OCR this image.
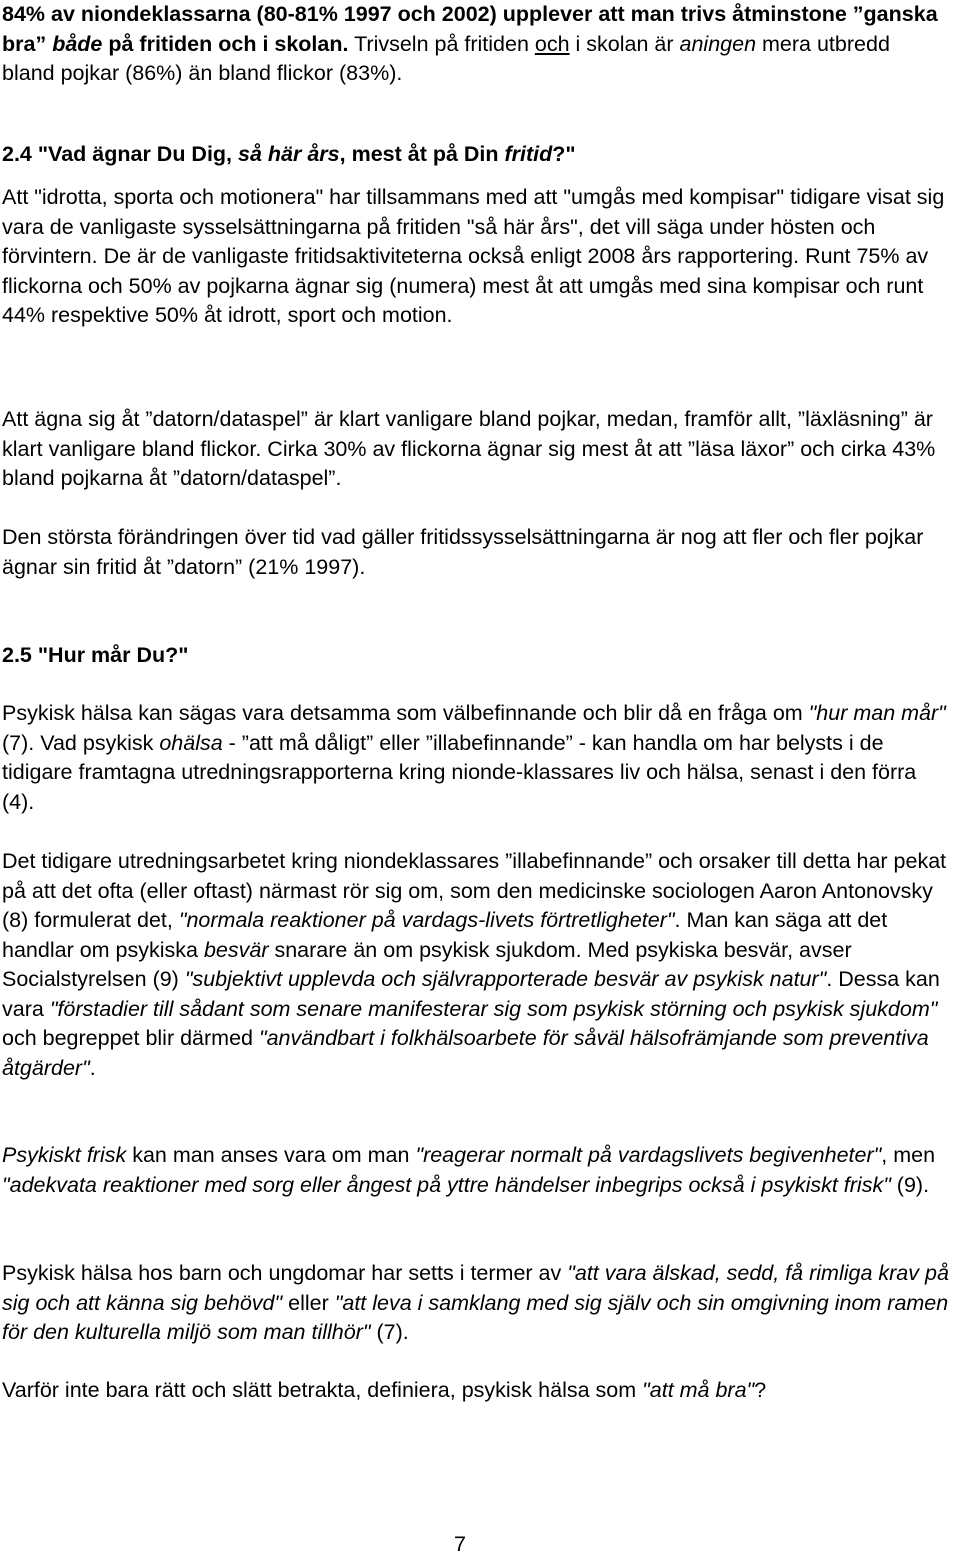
84% av niondeklassarna (80-81% 1997 och 2002) upplever att man trivs åtminstone ”ganska bra” både på fritiden och i skolan. Trivseln på fritiden och i skolan är aningen mera utbredd bland pojkar (86%) än bland flickor (83%).

2.4 "Vad ägnar Du Dig, så här års, mest åt på Din fritid?"

Att "idrotta, sporta och motionera" har tillsammans med att "umgås med kompisar" tidigare visat sig vara de vanligaste sysselsättningarna på fritiden "så här års", det vill säga under hösten och förvintern. De är de vanligaste fritidsaktiviteterna också enligt 2008 års rapportering. Runt 75% av flickorna och 50% av pojkarna ägnar sig (numera) mest åt att umgås med sina kompisar och runt 44% respektive 50% åt idrott, sport och motion.

Att ägna sig åt ”datorn/dataspel” är klart vanligare bland pojkar, medan, framför allt, ”läxläsning” är klart vanligare bland flickor. Cirka 30% av flickorna ägnar sig mest åt att ”läsa läxor” och cirka 43% bland pojkarna åt ”datorn/dataspel”.

Den största förändringen över tid vad gäller fritidssysselsättningarna är nog att fler och fler pojkar ägnar sin fritid åt ”datorn” (21% 1997).

2.5 "Hur mår Du?"

Psykisk hälsa kan sägas vara detsamma som välbefinnande och blir då en fråga om "hur man mår" (7). Vad psykisk ohälsa - ”att må dåligt” eller ”illabefinnande” - kan handla om har belysts i de tidigare framtagna utredningsrapporterna kring nionde-klassares liv och hälsa, senast i den förra (4).

Det tidigare utredningsarbetet kring niondeklassares ”illabefinnande” och orsaker till detta har pekat på att det ofta (eller oftast) närmast rör sig om, som den medicinske sociologen Aaron Antonovsky (8) formulerat det, "normala reaktioner på vardags-livets förtretligheter". Man kan säga att det handlar om psykiska besvär snarare än om psykisk sjukdom. Med psykiska besvär, avser Socialstyrelsen (9) "subjektivt upplevda och självrapporterade besvär av psykisk natur". Dessa kan vara "förstadier till sådant som senare manifesterar sig som psykisk störning och psykisk sjukdom" och begreppet blir därmed "användbart i folkhälsoarbete för såväl hälsofrämjande som preventiva åtgärder".

Psykiskt frisk kan man anses vara om man "reagerar normalt på vardagslivets begivenheter", men "adekvata reaktioner med sorg eller ångest på yttre händelser inbegrips också i psykiskt frisk" (9).

Psykisk hälsa hos barn och ungdomar har setts i termer av "att vara älskad, sedd, få rimliga krav på sig och att känna sig behövd" eller "att leva i samklang med sig själv och sin omgivning inom ramen för den kulturella miljö som man tillhör" (7).

Varför inte bara rätt och slätt betrakta, definiera, psykisk hälsa som "att må bra"?

7
